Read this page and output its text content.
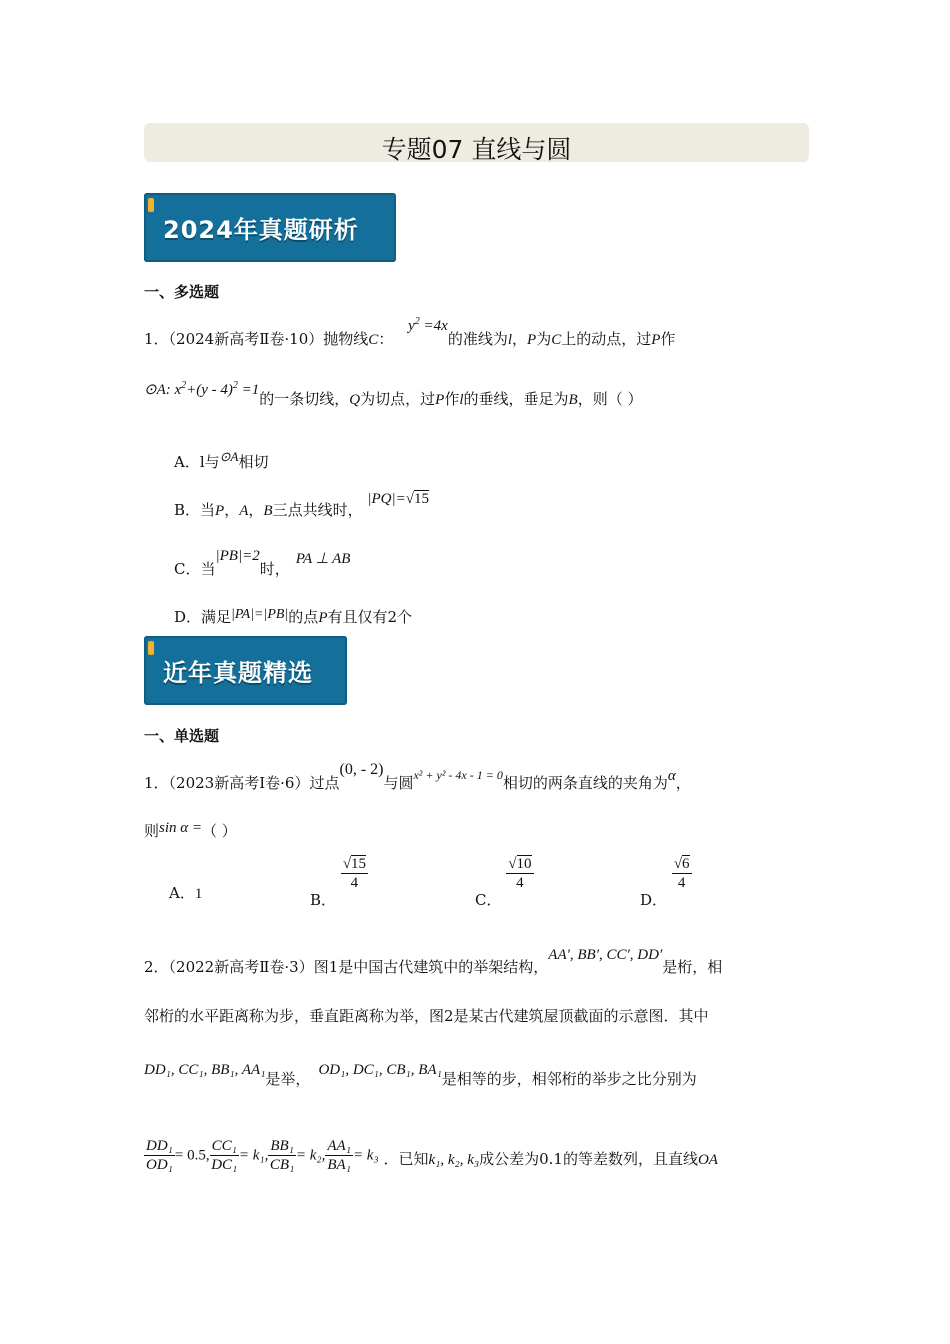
专题07 直线与圆
2024年真题研析
一、多选题
1．（2024新高考Ⅱ卷·10）抛物线C： $y^2 =4x$的准线为l，P为C上的动点，过P作
⊙A: $x^2+(y - 4)^2 =1$的一条切线，Q为切点，过P作l的垂线，垂足为B，则（ ）
A．l与⊙A相切
B．当P，A，B三点共线时， |PQ|=√15
C．当|PB|=2时，PA ⊥ AB
D．满足|PA|=|PB|的点P有且仅有2个
近年真题精选
一、单选题
1．（2023新高考Ⅰ卷·6）过点(0, - 2)与圆$^{x^2 + y^2 - 4x - 1 = 0}$相切的两条直线的夹角为α，
则sin α =（ ）
A．1	B．
$\frac{√15}{4}$
C．
$\frac{√10}{4}$
D．
$\frac{√6}{4}$
2．（2022新高考Ⅱ卷·3）图1是中国古代建筑中的举架结构，AA′, BB′, CC′, DD′是桁，相
邻桁的水平距离称为步，垂直距离称为举，图2是某古代建筑屋顶截面的示意图．其中
DD₁, CC₁, BB₁, AA₁是举， OD₁, DC₁, CB₁, BA₁是相等的步，相邻桁的举步之比分别为
$\frac{\text{DD₁}}{\text{OD₁}} = 0.5$, $\frac{\text{CC₁}}{\text{DC₁}} = k_1$, $\frac{\text{BB₁}}{\text{CB₁}} = k_2$, $\frac{\text{AA₁}}{\text{BA₁}} = k_3$ ．已知k₁, k₂, k₃成公差为0.1的等差数列，且直线OA
